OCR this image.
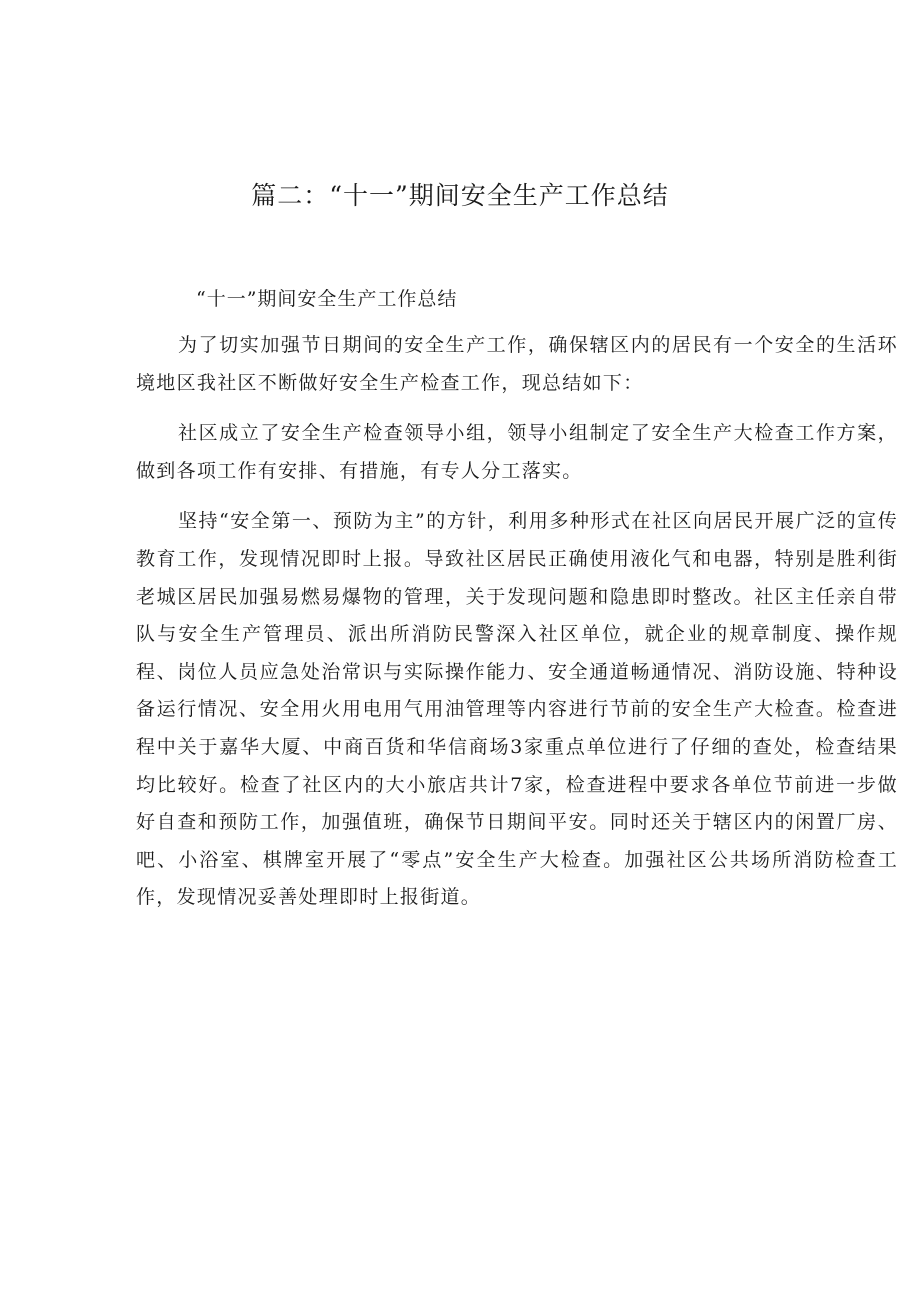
篇二：“十一”期间安全生产工作总结

“十一”期间安全生产工作总结

为了切实加强节日期间的安全生产工作，确保辖区内的居民有一个安全的生活环境地区我社区不断做好安全生产检查工作，现总结如下：

社区成立了安全生产检查领导小组，领导小组制定了安全生产大检查工作方案，做到各项工作有安排、有措施，有专人分工落实。

坚持“安全第一、预防为主”的方针，利用多种形式在社区向居民开展广泛的宣传教育工作，发现情况即时上报。导致社区居民正确使用液化气和电器，特别是胜利街老城区居民加强易燃易爆物的管理，关于发现问题和隐患即时整改。社区主任亲自带队与安全生产管理员、派出所消防民警深入社区单位，就企业的规章制度、操作规程、岗位人员应急处治常识与实际操作能力、安全通道畅通情况、消防设施、特种设备运行情况、安全用火用电用气用油管理等内容进行节前的安全生产大检查。检查进程中关于嘉华大厦、中商百货和华信商场3家重点单位进行了仔细的查处，检查结果均比较好。检查了社区内的大小旅店共计7家，检查进程中要求各单位节前进一步做好自查和预防工作，加强值班，确保节日期间平安。同时还关于辖区内的闲置厂房、吧、小浴室、棋牌室开展了“零点”安全生产大检查。加强社区公共场所消防检查工作，发现情况妥善处理即时上报街道。
